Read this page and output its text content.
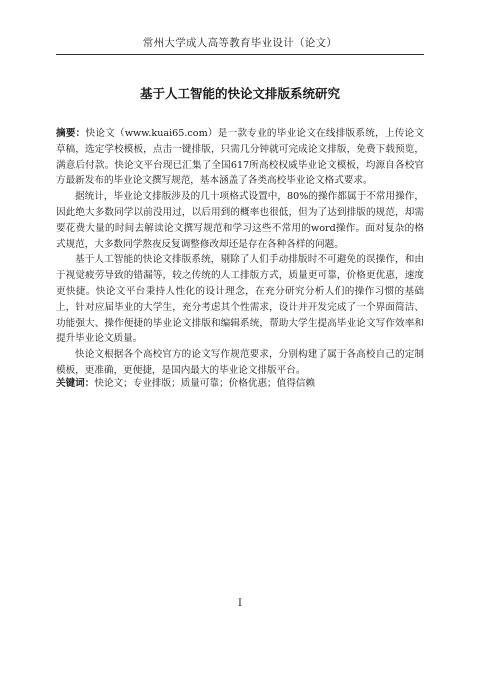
常州大学成人高等教育毕业设计（论文）
基于人工智能的快论文排版系统研究

摘要：快论文（www.kuai65.com）是一款专业的毕业论文在线排版系统，上传论文草稿，选定学校模板，点击一键排版，只需几分钟就可完成论文排版，免费下载预览，满意后付款。快论文平台现已汇集了全国617所高校权威毕业论文模板，均源自各校官方最新发布的毕业论文撰写规范，基本涵盖了各类高校毕业论文格式要求。

据统计，毕业论文排版涉及的几十项格式设置中，80%的操作都属于不常用操作，因此绝大多数同学以前没用过，以后用到的概率也很低，但为了达到排版的规范，却需要花费大量的时间去解读论文撰写规范和学习这些不常用的word操作。面对复杂的格式规范，大多数同学熬夜反复调整修改却还是存在各种各样的问题。

基于人工智能的快论文排版系统，剔除了人们手动排版时不可避免的误操作，和由于视觉疲劳导致的错漏等，较之传统的人工排版方式，质量更可靠，价格更优惠，速度更快捷。快论文平台秉持人性化的设计理念，在充分研究分析人们的操作习惯的基础上，针对应届毕业的大学生，充分考虑其个性需求，设计并开发完成了一个界面简洁、功能强大、操作便捷的毕业论文排版和编辑系统，帮助大学生提高毕业论文写作效率和提升毕业论文质量。

快论文根据各个高校官方的论文写作规范要求，分别构建了属于各高校自己的定制模板，更准确，更便捷，是国内最大的毕业论文排版平台。

关键词：快论文；专业排版；质量可靠；价格优惠；值得信赖
I
